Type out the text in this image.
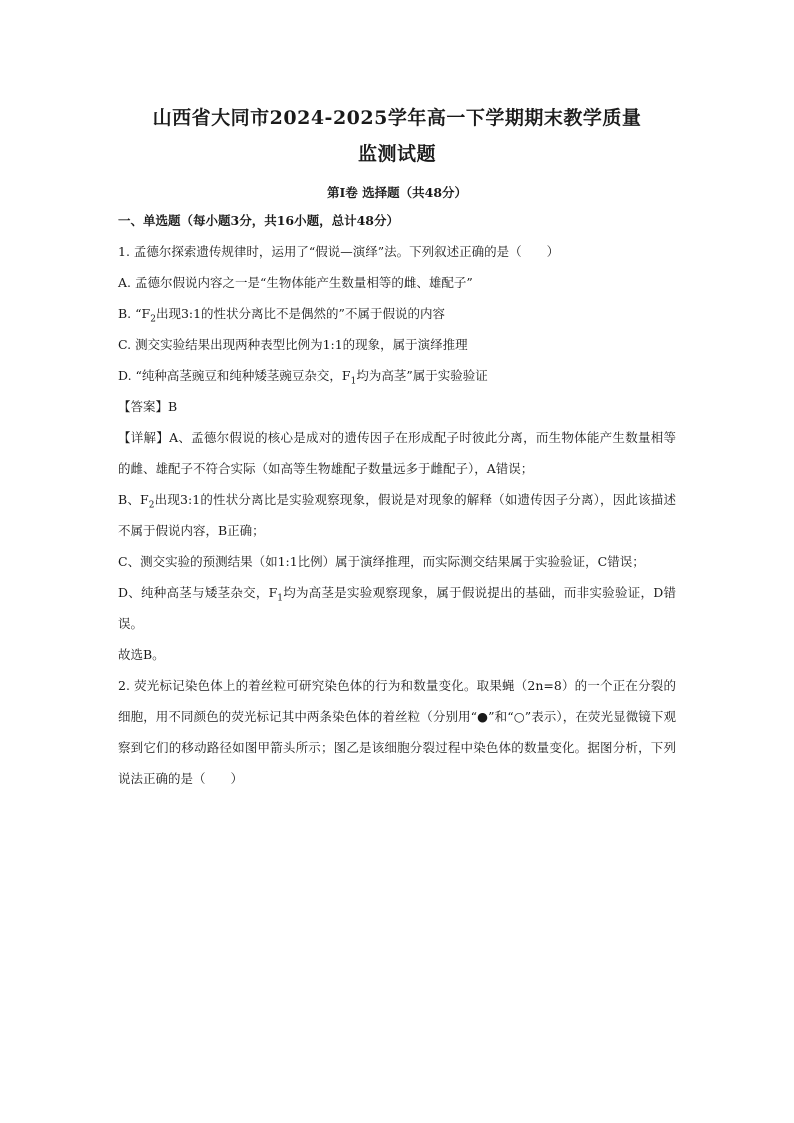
山西省大同市2024-2025学年高一下学期期末教学质量
监测试题
第Ⅰ卷 选择题（共48分）
一、单选题（每小题3分，共16小题，总计48分）
1. 孟德尔探索遗传规律时，运用了“假说—演绎”法。下列叙述正确的是（　　）
A. 孟德尔假说内容之一是“生物体能产生数量相等的雌、雄配子”
B. “$F_2$出现3:1的性状分离比不是偶然的”不属于假说的内容
C. 测交实验结果出现两种表型比例为1:1的现象，属于演绎推理
D. “纯种高茎豌豆和纯种矮茎豌豆杂交，$F_1$均为高茎”属于实验验证
【答案】B

【详解】A、孟德尔假说的核心是成对的遗传因子在形成配子时彼此分离，而生物体能产生数量相等的雌、雄配子不符合实际（如高等生物雄配子数量远多于雌配子），A错误；

B、$F_2$出现3:1的性状分离比是实验观察现象，假说是对现象的解释（如遗传因子分离），因此该描述不属于假说内容，B正确；

C、测交实验的预测结果（如1:1比例）属于演绎推理，而实际测交结果属于实验验证，C错误；

D、纯种高茎与矮茎杂交，$F_1$均为高茎是实验观察现象，属于假说提出的基础，而非实验验证，D错误。

故选B。

2. 荧光标记染色体上的着丝粒可研究染色体的行为和数量变化。取果蝇（2n=8）的一个正在分裂的细胞，用不同颜色的荧光标记其中两条染色体的着丝粒（分别用“●”和“○”表示），在荧光显微镜下观察到它们的移动路径如图甲箭头所示；图乙是该细胞分裂过程中染色体的数量变化。据图分析，下列说法正确的是（　　）
